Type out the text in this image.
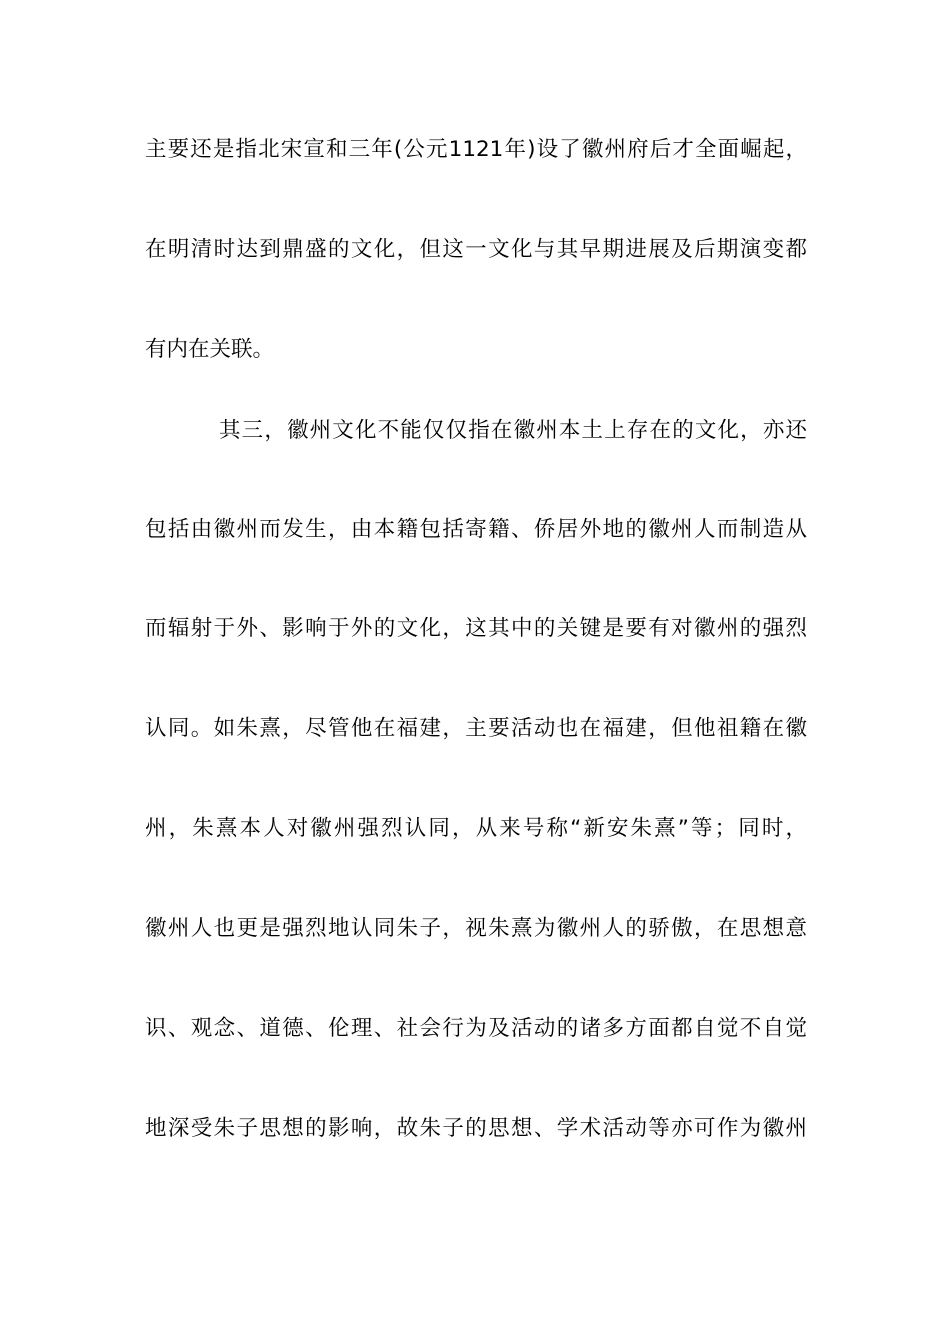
主要还是指北宋宣和三年(公元1121年)设了徽州府后才全面崛起，
在明清时达到鼎盛的文化，但这一文化与其早期进展及后期演变都
有内在关联。
其三，徽州文化不能仅仅指在徽州本土上存在的文化，亦还
包括由徽州而发生，由本籍包括寄籍、侨居外地的徽州人而制造从
而辐射于外、影响于外的文化，这其中的关键是要有对徽州的强烈
认同。如朱熹，尽管他在福建，主要活动也在福建，但他祖籍在徽
州，朱熹本人对徽州强烈认同，从来号称“新安朱熹”等；同时，
徽州人也更是强烈地认同朱子，视朱熹为徽州人的骄傲，在思想意
识、观念、道德、伦理、社会行为及活动的诸多方面都自觉不自觉
地深受朱子思想的影响，故朱子的思想、学术活动等亦可作为徽州
